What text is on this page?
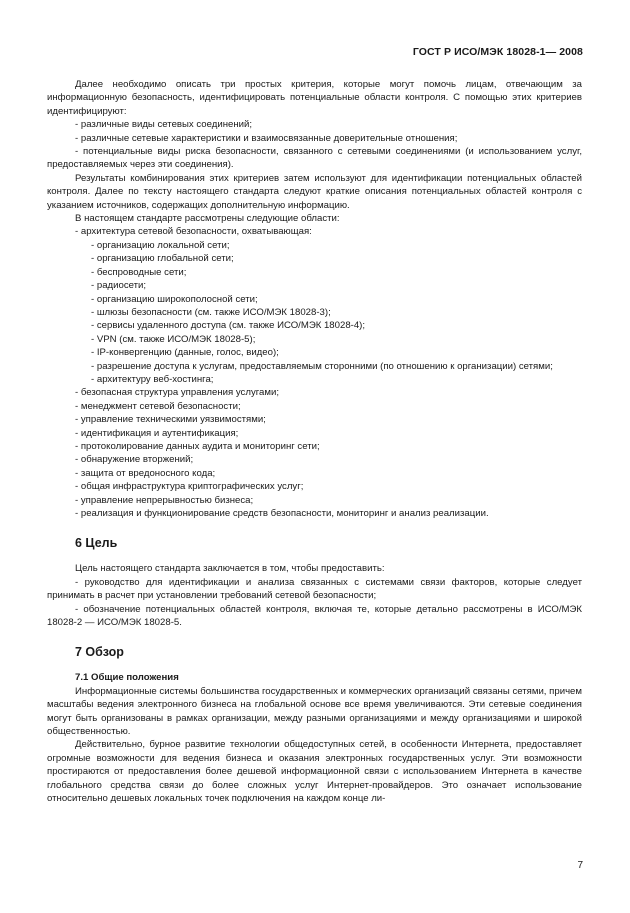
ГОСТ Р ИСО/МЭК 18028-1— 2008

Далее необходимо описать три простых критерия, которые могут помочь лицам, отвечающим за информационную безопасность, идентифицировать потенциальные области контроля. С помощью этих критериев идентифицируют:

- различные виды сетевых соединений;

- различные сетевые характеристики и взаимосвязанные доверительные отношения;

- потенциальные виды риска безопасности, связанного с сетевыми соединениями (и использованием услуг, предоставляемых через эти соединения).

Результаты комбинирования этих критериев затем используют для идентификации потенциальных областей контроля. Далее по тексту настоящего стандарта следуют краткие описания потенциальных областей контроля с указанием источников, содержащих дополнительную информацию.

В настоящем стандарте рассмотрены следующие области:

- архитектура сетевой безопасности, охватывающая:

- организацию локальной сети;

- организацию глобальной сети;

- беспроводные сети;

- радиосети;

- организацию широкополосной сети;

- шлюзы безопасности (см. также ИСО/МЭК 18028-3);

- сервисы удаленного доступа (см. также ИСО/МЭК 18028-4);

- VPN (см. также ИСО/МЭК 18028-5);

- IP-конвергенцию (данные, голос, видео);

- разрешение доступа к услугам, предоставляемым сторонними (по отношению к организации) сетями;

- архитектуру веб-хостинга;

- безопасная структура управления услугами;

- менеджмент сетевой безопасности;

- управление техническими уязвимостями;

- идентификация и аутентификация;

- протоколирование данных аудита и мониторинг сети;

- обнаружение вторжений;

- защита от вредоносного кода;

- общая инфраструктура криптографических услуг;

- управление непрерывностью бизнеса;

- реализация и функционирование средств безопасности, мониторинг и анализ реализации.

6 Цель

Цель настоящего стандарта заключается в том, чтобы предоставить:

- руководство для идентификации и анализа связанных с системами связи факторов, которые следует принимать в расчет при установлении требований сетевой безопасности;

- обозначение потенциальных областей контроля, включая те, которые детально рассмотрены в ИСО/МЭК 18028-2 — ИСО/МЭК 18028-5.

7 Обзор

7.1 Общие положения

Информационные системы большинства государственных и коммерческих организаций связаны сетями, причем масштабы ведения электронного бизнеса на глобальной основе все время увеличиваются. Эти сетевые соединения могут быть организованы в рамках организации, между разными организациями и между организациями и широкой общественностью.

Действительно, бурное развитие технологии общедоступных сетей, в особенности Интернета, предоставляет огромные возможности для ведения бизнеса и оказания электронных государственных услуг. Эти возможности простираются от предоставления более дешевой информационной связи с использованием Интернета в качестве глобального средства связи до более сложных услуг Интернет-провайдеров. Это означает использование относительно дешевых локальных точек подключения на каждом конце ли-

7
